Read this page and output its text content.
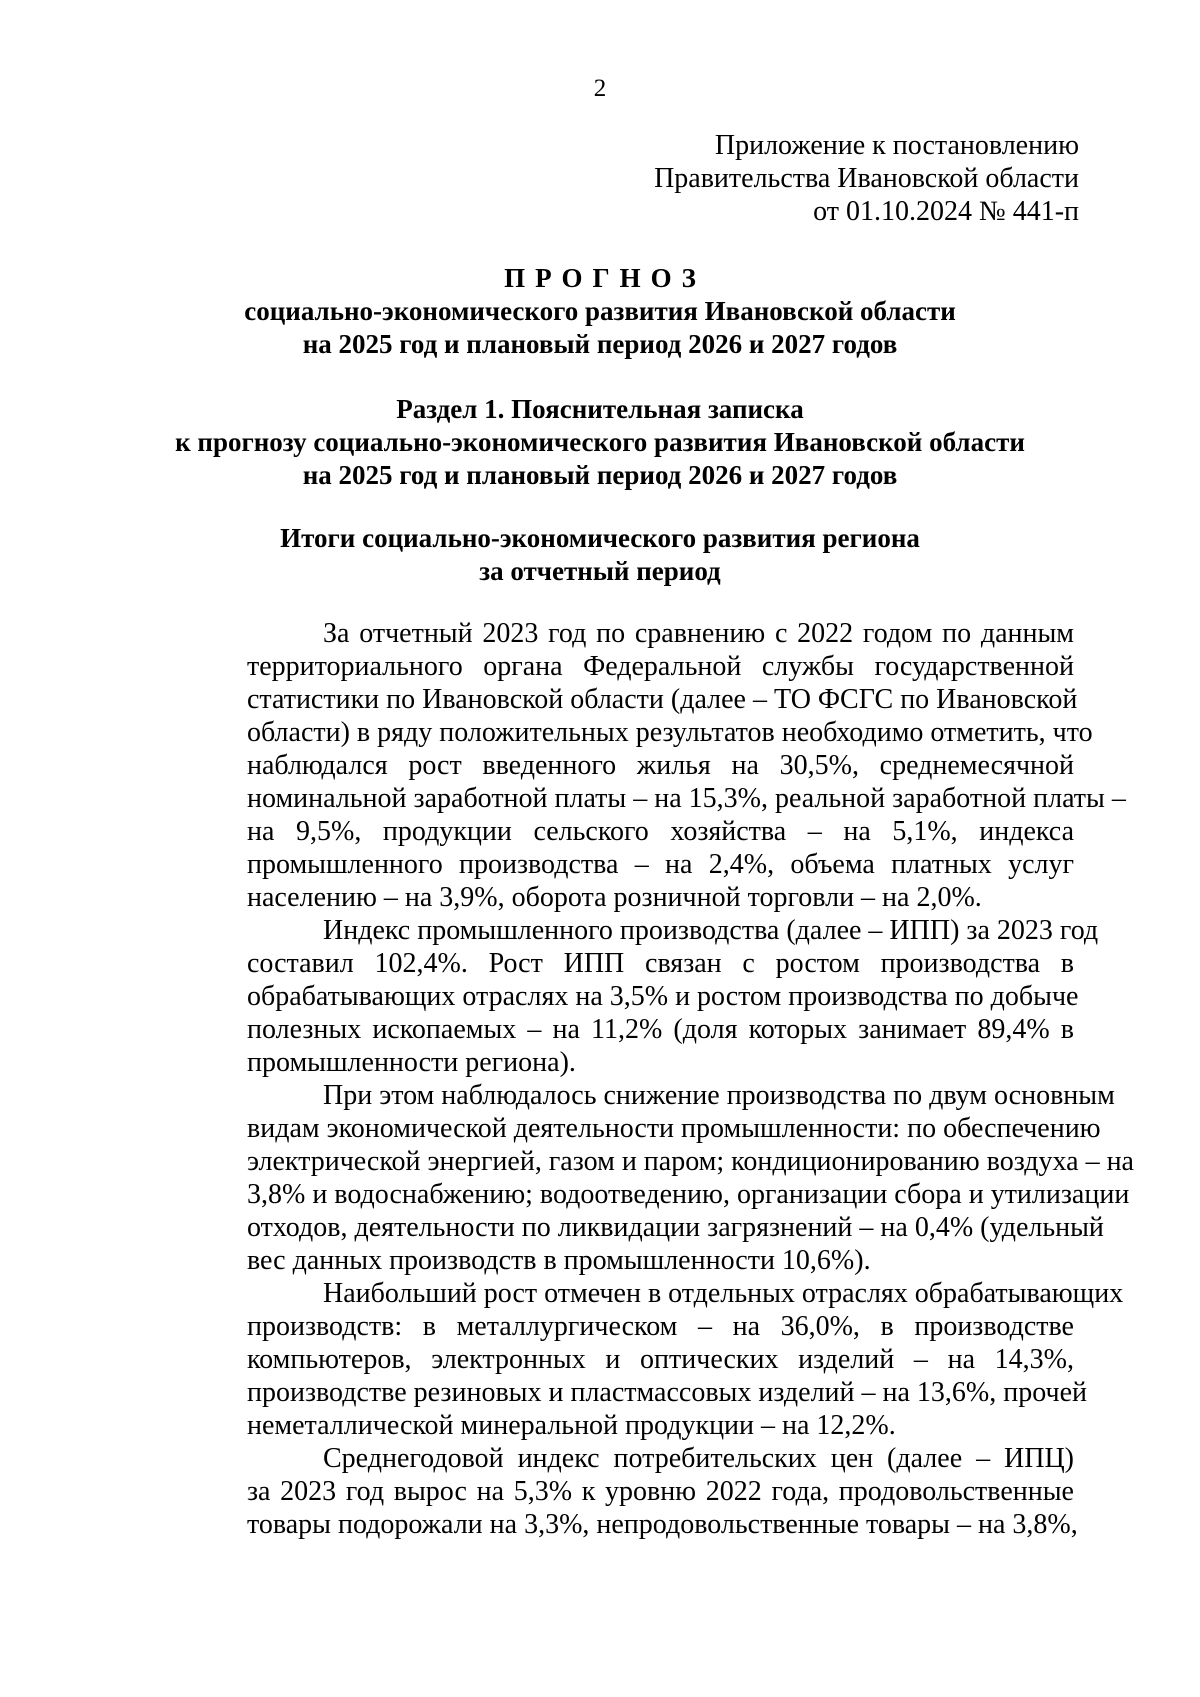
2
Приложение к постановлению
Правительства Ивановской области
от 01.10.2024 № 441-п
ПРОГНОЗ
социально-экономического развития Ивановской области
на 2025 год и плановый период 2026 и 2027 годов
Раздел 1. Пояснительная записка
к прогнозу социально-экономического развития Ивановской области
на 2025 год и плановый период 2026 и 2027 годов
Итоги социально-экономического развития региона
за отчетный период

За отчетный 2023 год по сравнению с 2022 годом по данным
территориального органа Федеральной службы государственной
статистики по Ивановской области (далее – ТО ФСГС по Ивановской
области) в ряду положительных результатов необходимо отметить, что
наблюдался рост введенного жилья на 30,5%, среднемесячной
номинальной заработной платы – на 15,3%, реальной заработной платы –
на 9,5%, продукции сельского хозяйства – на 5,1%, индекса
промышленного производства – на 2,4%, объема платных услуг
населению – на 3,9%, оборота розничной торговли – на 2,0%.

Индекс промышленного производства (далее – ИПП) за 2023 год
составил 102,4%. Рост ИПП связан с ростом производства в
обрабатывающих отраслях на 3,5% и ростом производства по добыче
полезных ископаемых – на 11,2% (доля которых занимает 89,4% в
промышленности региона).

При этом наблюдалось снижение производства по двум основным
видам экономической деятельности промышленности: по обеспечению
электрической энергией, газом и паром; кондиционированию воздуха – на
3,8% и водоснабжению; водоотведению, организации сбора и утилизации
отходов, деятельности по ликвидации загрязнений – на 0,4% (удельный
вес данных производств в промышленности 10,6%).

Наибольший рост отмечен в отдельных отраслях обрабатывающих
производств: в металлургическом – на 36,0%, в производстве
компьютеров, электронных и оптических изделий – на 14,3%,
производстве резиновых и пластмассовых изделий – на 13,6%, прочей
неметаллической минеральной продукции – на 12,2%.

Среднегодовой индекс потребительских цен (далее – ИПЦ)
за 2023 год вырос на 5,3% к уровню 2022 года, продовольственные
товары подорожали на 3,3%, непродовольственные товары – на 3,8%,
